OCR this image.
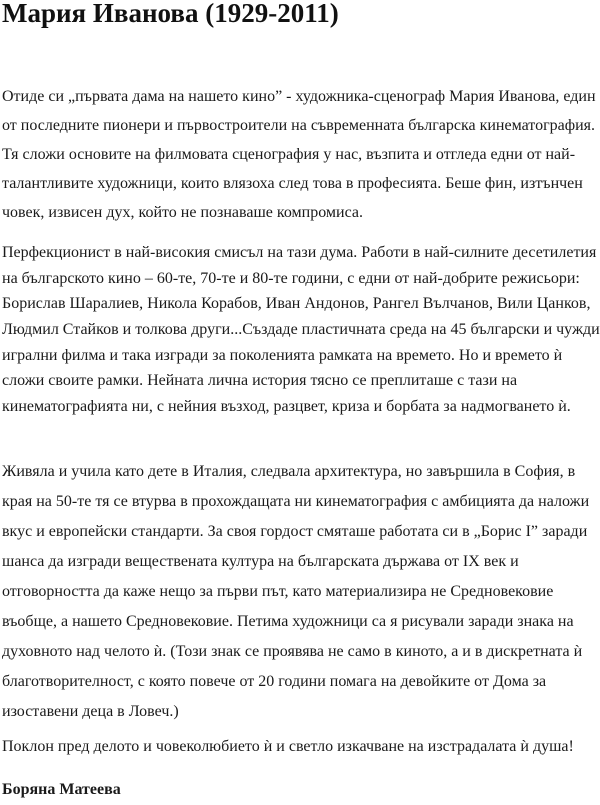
Мария Иванова (1929-2011)
Отиде си „първата дама на нашето кино” - художника-сценограф Мария Иванова, един
от последните пионери и първостроители на съвременната българска кинематография.
Тя сложи основите на филмовата сценография у нас, възпита и отгледа едни от най-
талантливите художници, които влязоха след това в професията. Беше фин, изтънчен
човек, извисен дух, който не познаваше компромиса.
Перфекционист в най-високия смисъл на тази дума. Работи в най-силните десетилетия
на българското кино – 60-те, 70-те и 80-те години, с едни от най-добрите режисьори:
Борислав Шаралиев, Никола Корабов, Иван Андонов, Рангел Вълчанов, Вили Цанков,
Людмил Стайков и толкова други...Създаде пластичната среда на 45 български и чужди
игрални филма и така изгради за поколенията рамката на времето. Но и времето ѝ
сложи своите рамки. Нейната лична история тясно се преплиташе с тази на
кинематографията ни, с нейния възход, разцвет, криза и борбата за надмогването ѝ.
Живяла и учила като дете в Италия, следвала архитектура, но завършила в София, в
края на 50-те тя се втурва в прохождащата ни кинематография с амбицията да наложи
вкус и европейски стандарти. За своя гордост смяташе работата си в „Борис I” заради
шанса да изгради веществената култура на българската държава от IX век и
отговорността да каже нещо за първи път, като материализира не Средновековие
въобще, а нашето Средновековие. Петима художници са я рисували заради знака на
духовното над челото ѝ. (Този знак се проявява не само в киното, а и в дискретната ѝ
благотворителност, с която повече от 20 години помага на девойките от Дома за
изоставени деца в Ловеч.)
Поклон пред делото и човеколюбието ѝ и светло изкачване на изстрадалата ѝ душа!
Боряна Матеева
